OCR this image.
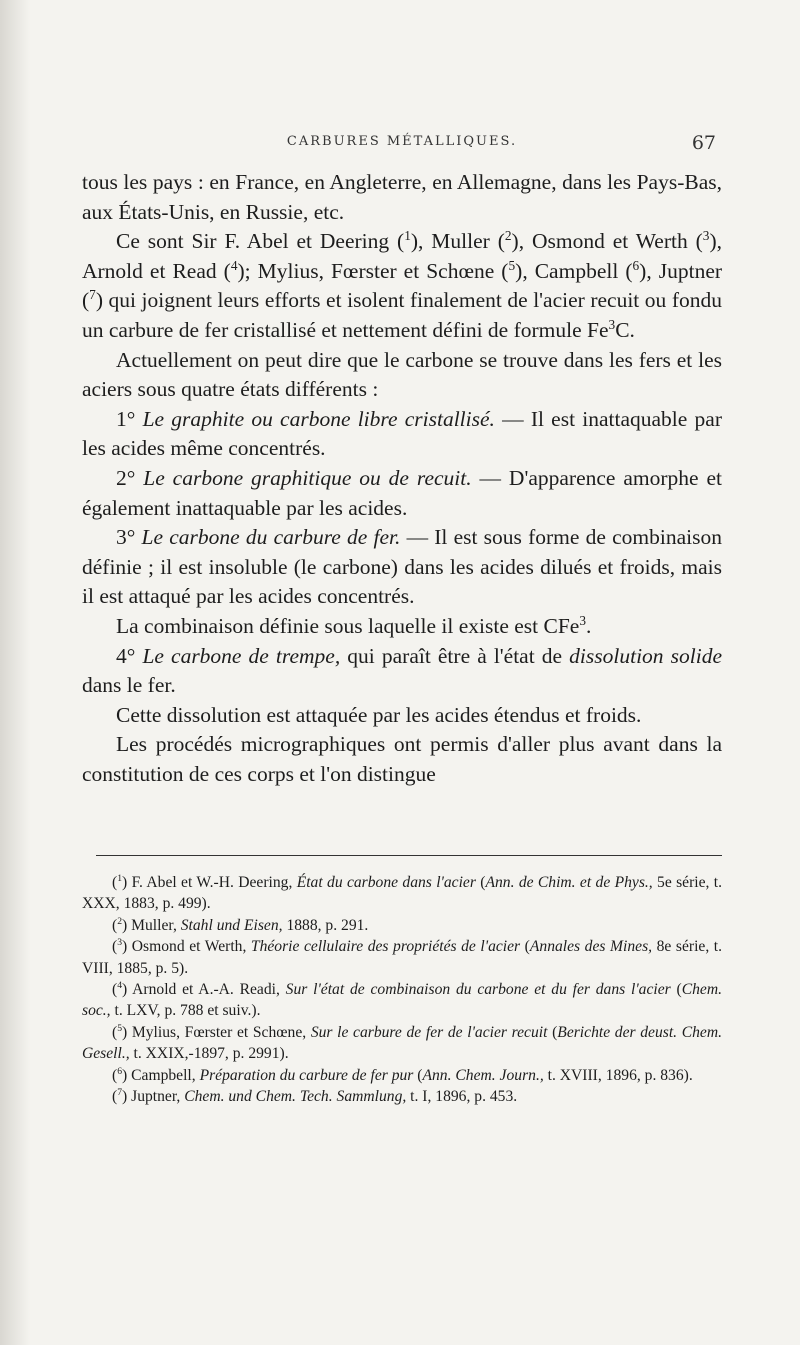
CARBURES MÉTALLIQUES.	67

tous les pays : en France, en Angleterre, en Allemagne, dans les Pays-Bas, aux États-Unis, en Russie, etc.

Ce sont Sir F. Abel et Deering ($^1$), Muller ($^2$), Osmond et Werth ($^3$), Arnold et Read ($^4$); Mylius, Fœrster et Schœne ($^5$), Campbell ($^6$), Juptner ($^7$) qui joignent leurs efforts et isolent finalement de l'acier recuit ou fondu un carbure de fer cristallisé et nettement défini de formule Fe$^3$C.

Actuellement on peut dire que le carbone se trouve dans les fers et les aciers sous quatre états différents :

1° Le graphite ou carbone libre cristallisé. — Il est inattaquable par les acides même concentrés.

2° Le carbone graphitique ou de recuit. — D'apparence amorphe et également inattaquable par les acides.

3° Le carbone du carbure de fer. — Il est sous forme de combinaison définie ; il est insoluble (le carbone) dans les acides dilués et froids, mais il est attaqué par les acides concentrés.

La combinaison définie sous laquelle il existe est CFe$^3$.

4° Le carbone de trempe, qui paraît être à l'état de dissolution solide dans le fer.

Cette dissolution est attaquée par les acides étendus et froids.

Les procédés micrographiques ont permis d'aller plus avant dans la constitution de ces corps et l'on distingue

($^1$) F. Abel et W.-H. Deering, État du carbone dans l'acier (Ann. de Chim. et de Phys., 5e série, t. XXX, 1883, p. 499).

($^2$) Muller, Stahl und Eisen, 1888, p. 291.

($^3$) Osmond et Werth, Théorie cellulaire des propriétés de l'acier (Annales des Mines, 8e série, t. VIII, 1885, p. 5).

($^4$) Arnold et A.-A. Readi, Sur l'état de combinaison du carbone et du fer dans l'acier (Chem. soc., t. LXV, p. 788 et suiv.).

($^5$) Mylius, Fœrster et Schœne, Sur le carbure de fer de l'acier recuit (Berichte der deust. Chem. Gesell., t. XXIX,-1897, p. 2991).

($^6$) Campbell, Préparation du carbure de fer pur (Ann. Chem. Journ., t. XVIII, 1896, p. 836).

($^7$) Juptner, Chem. und Chem. Tech. Sammlung, t. I, 1896, p. 453.
